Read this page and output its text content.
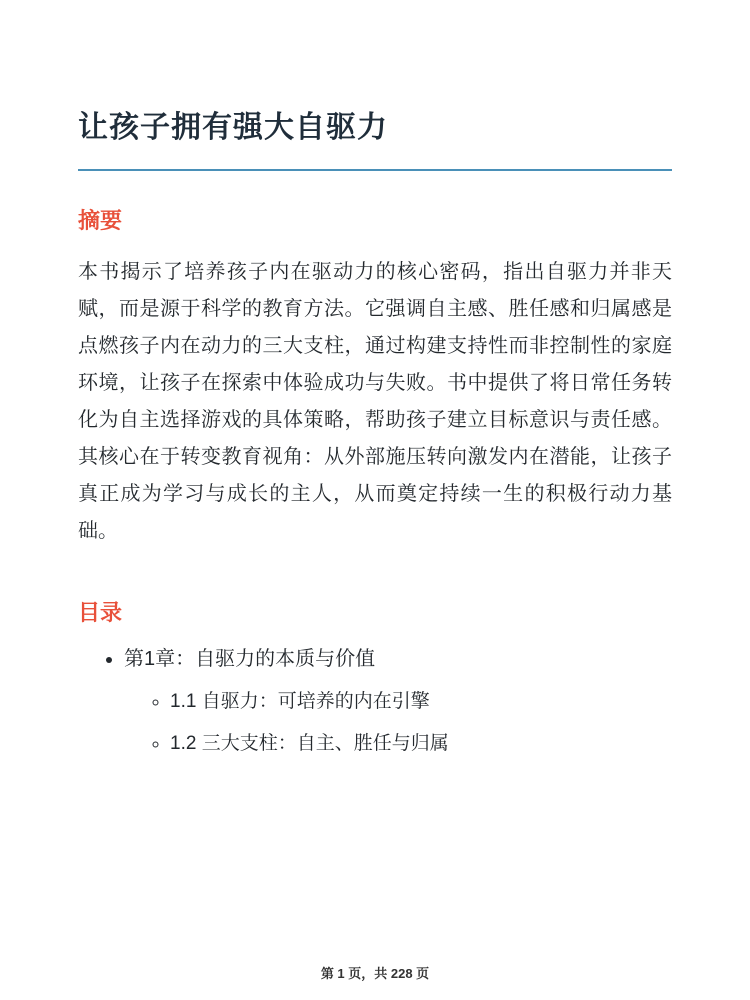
让孩子拥有强大自驱力
摘要

本书揭示了培养孩子内在驱动力的核心密码，指出自驱力并非天赋，而是源于科学的教育方法。它强调自主感、胜任感和归属感是点燃孩子内在动力的三大支柱，通过构建支持性而非控制性的家庭环境，让孩子在探索中体验成功与失败。书中提供了将日常任务转化为自主选择游戏的具体策略，帮助孩子建立目标意识与责任感。其核心在于转变教育视角：从外部施压转向激发内在潜能，让孩子真正成为学习与成长的主人，从而奠定持续一生的积极行动力基础。

目录
• 第1章：自驱力的本质与价值
◦ 1.1 自驱力：可培养的内在引擎
◦ 1.2 三大支柱：自主、胜任与归属
第 1 页，共 228 页
